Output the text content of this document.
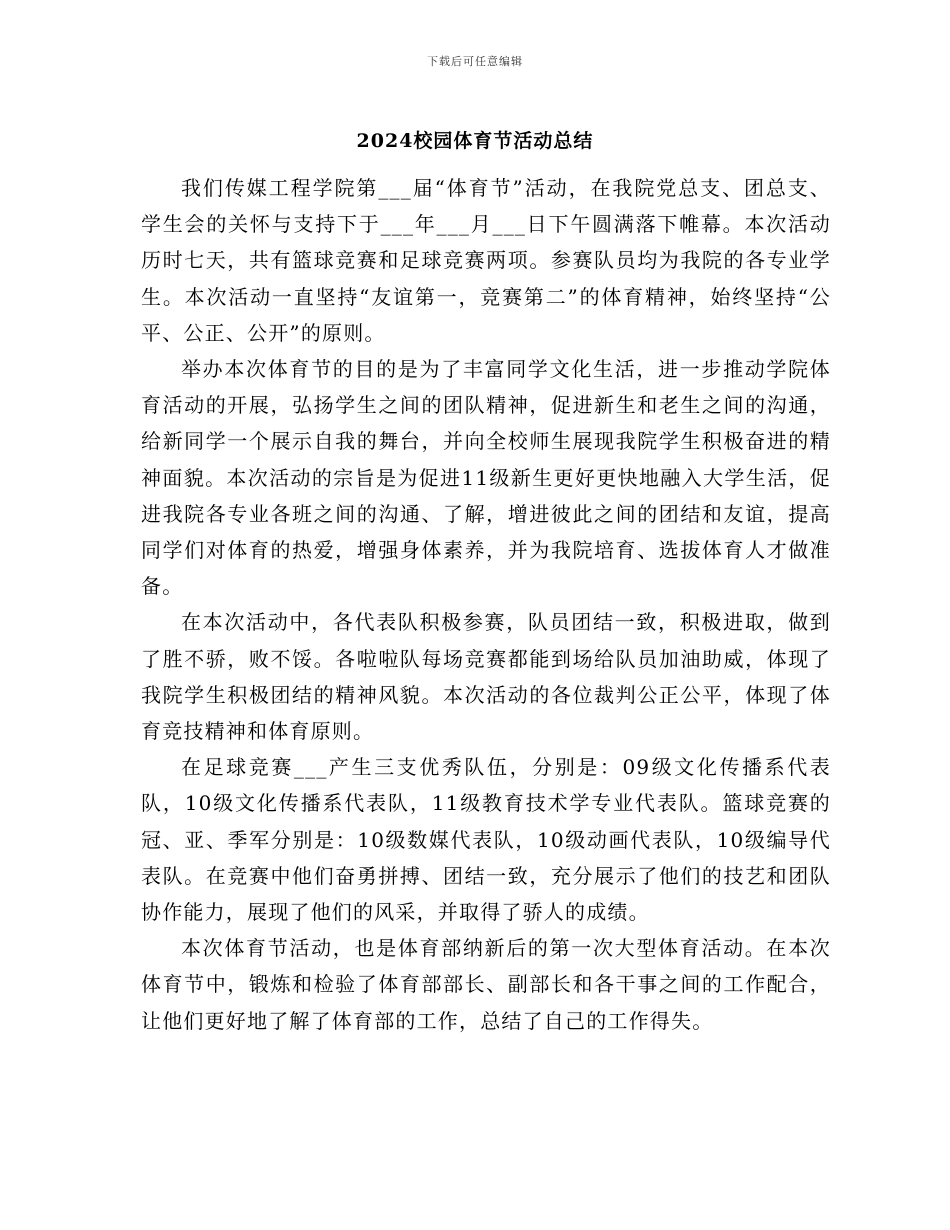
下载后可任意编辑
2024校园体育节活动总结

我们传媒工程学院第___届“体育节”活动，在我院党总支、团总支、学生会的关怀与支持下于___年___月___日下午圆满落下帷幕。本次活动历时七天，共有篮球竞赛和足球竞赛两项。参赛队员均为我院的各专业学生。本次活动一直坚持“友谊第一，竞赛第二”的体育精神，始终坚持“公平、公正、公开”的原则。

举办本次体育节的目的是为了丰富同学文化生活，进一步推动学院体育活动的开展，弘扬学生之间的团队精神，促进新生和老生之间的沟通，给新同学一个展示自我的舞台，并向全校师生展现我院学生积极奋进的精神面貌。本次活动的宗旨是为促进11级新生更好更快地融入大学生活，促进我院各专业各班之间的沟通、了解，增进彼此之间的团结和友谊，提高同学们对体育的热爱，增强身体素养，并为我院培育、选拔体育人才做准备。

在本次活动中，各代表队积极参赛，队员团结一致，积极进取，做到了胜不骄，败不馁。各啦啦队每场竞赛都能到场给队员加油助威，体现了我院学生积极团结的精神风貌。本次活动的各位裁判公正公平，体现了体育竞技精神和体育原则。

在足球竞赛___产生三支优秀队伍，分别是：09级文化传播系代表队，10级文化传播系代表队，11级教育技术学专业代表队。篮球竞赛的冠、亚、季军分别是：10级数媒代表队，10级动画代表队，10级编导代表队。在竞赛中他们奋勇拼搏、团结一致，充分展示了他们的技艺和团队协作能力，展现了他们的风采，并取得了骄人的成绩。

本次体育节活动，也是体育部纳新后的第一次大型体育活动。在本次体育节中，锻炼和检验了体育部部长、副部长和各干事之间的工作配合，让他们更好地了解了体育部的工作，总结了自己的工作得失。
